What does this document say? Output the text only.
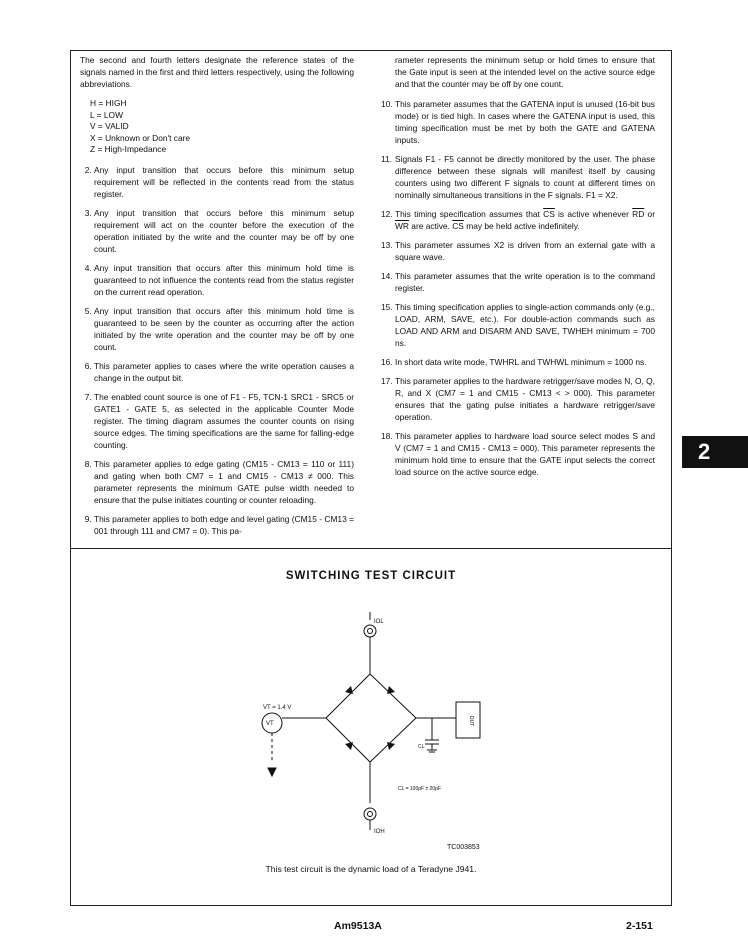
The second and fourth letters designate the reference states of the signals named in the first and third letters respectively, using the following abbreviations.

H = HIGH
L = LOW
V = VALID
X = Unknown or Don't care
Z = High-Impedance
2. Any input transition that occurs before this minimum setup requirement will be reflected in the contents read from the status register.
3. Any input transition that occurs before this minimum setup requirement will act on the counter before the execution of the operation initiated by the write and the counter may be off by one count.
4. Any input transition that occurs after this minimum hold time is guaranteed to not influence the contents read from the status register on the current read operation.
5. Any input transition that occurs after this minimum hold time is guaranteed to be seen by the counter as occurring after the action initiated by the write operation and the counter may be off by one count.
6. This parameter applies to cases where the write operation causes a change in the output bit.
7. The enabled count source is one of F1 - F5, TCN-1 SRC1 - SRC5 or GATE1 - GATE 5, as selected in the applicable Counter Mode register. The timing diagram assumes the counter counts on rising source edges. The timing specifications are the same for falling-edge counting.
8. This parameter applies to edge gating (CM15 - CM13 = 110 or 111) and gating when both CM7 = 1 and CM15 - CM13 ≠ 000. This parameter represents the minimum GATE pulse width needed to ensure that the pulse initiates counting or counter reloading.
9. This parameter applies to both edge and level gating (CM15 - CM13 = 001 through 111 and CM7 = 0). This pa-

rameter represents the minimum setup or hold times to ensure that the Gate input is seen at the intended level on the active source edge and that the counter may be off by one count.

10. This parameter assumes that the GATENA input is unused (16-bit bus mode) or is tied high. In cases where the GATENA input is used, this timing specification must be met by both the GATE and GATENA inputs.
11. Signals F1 - F5 cannot be directly monitored by the user. The phase difference between these signals will manifest itself by causing counters using two different F signals to count at different times on nominally simultaneous transitions in the F signals. F1 = X2.
12. This timing specification assumes that $\overline{CS}$ is active whenever $\overline{RD}$ or $\overline{WR}$ are active. $\overline{CS}$ may be held active indefinitely.
13. This parameter assumes X2 is driven from an external gate with a square wave.
14. This parameter assumes that the write operation is to the command register.
15. This timing specification applies to single-action commands only (e.g., LOAD, ARM, SAVE, etc.). For double-action commands such as LOAD AND ARM and DISARM AND SAVE, TWHEH minimum = 700 ns.
16. In short data write mode, TWHRL and TWHWL minimum = 1000 ns.
17. This parameter applies to the hardware retrigger/save modes N, O, Q, R, and X (CM7 = 1 and CM15 - CM13 < > 000). This parameter ensures that the gating pulse initiates a hardware retrigger/save operation.
18. This parameter applies to hardware load source select modes S and V (CM7 = 1 and CM15 - CM13 = 000). This parameter represents the minimum hold time to ensure that the GATE input selects the correct load source on the active source edge.
2
SWITCHING TEST CIRCUIT
VT = 1.4 V
VT
IOL
IOH
CL
DUT
CL = 100pF ± 20pF
TC003853
This test circuit is the dynamic load of a Teradyne J941.
Am9513A	2-151
